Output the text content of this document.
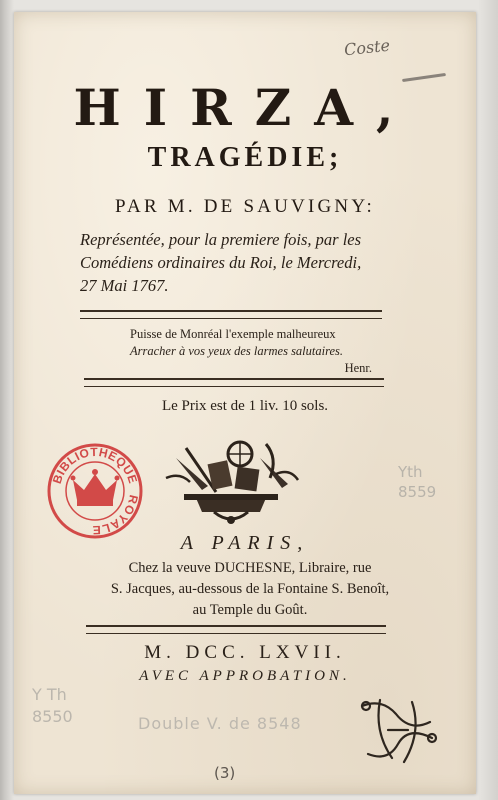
Coste
HIRZA,
TRAGÉDIE;
PAR M. DE SAUVIGNY:
Représentée, pour la premiere fois, par les
Comédiens ordinaires du Roi, le Mercredi,
27 Mai 1767.
Puisse de Monréal l'exemple malheureux
Arracher à vos yeux des larmes salutaires.
Henr.
Le Prix est de 1 liv. 10 sols.
BIBLIOTHEQUE
ROYALE
Yth
8559
A PARIS,
Chez la veuve DUCHESNE, Libraire, rue
S. Jacques, au-dessous de la Fontaine S. Benoît,
au Temple du Goût.
M. DCC. LXVII.
AVEC APPROBATION.
Y Th
8550	Double V. de 8548
(3)
